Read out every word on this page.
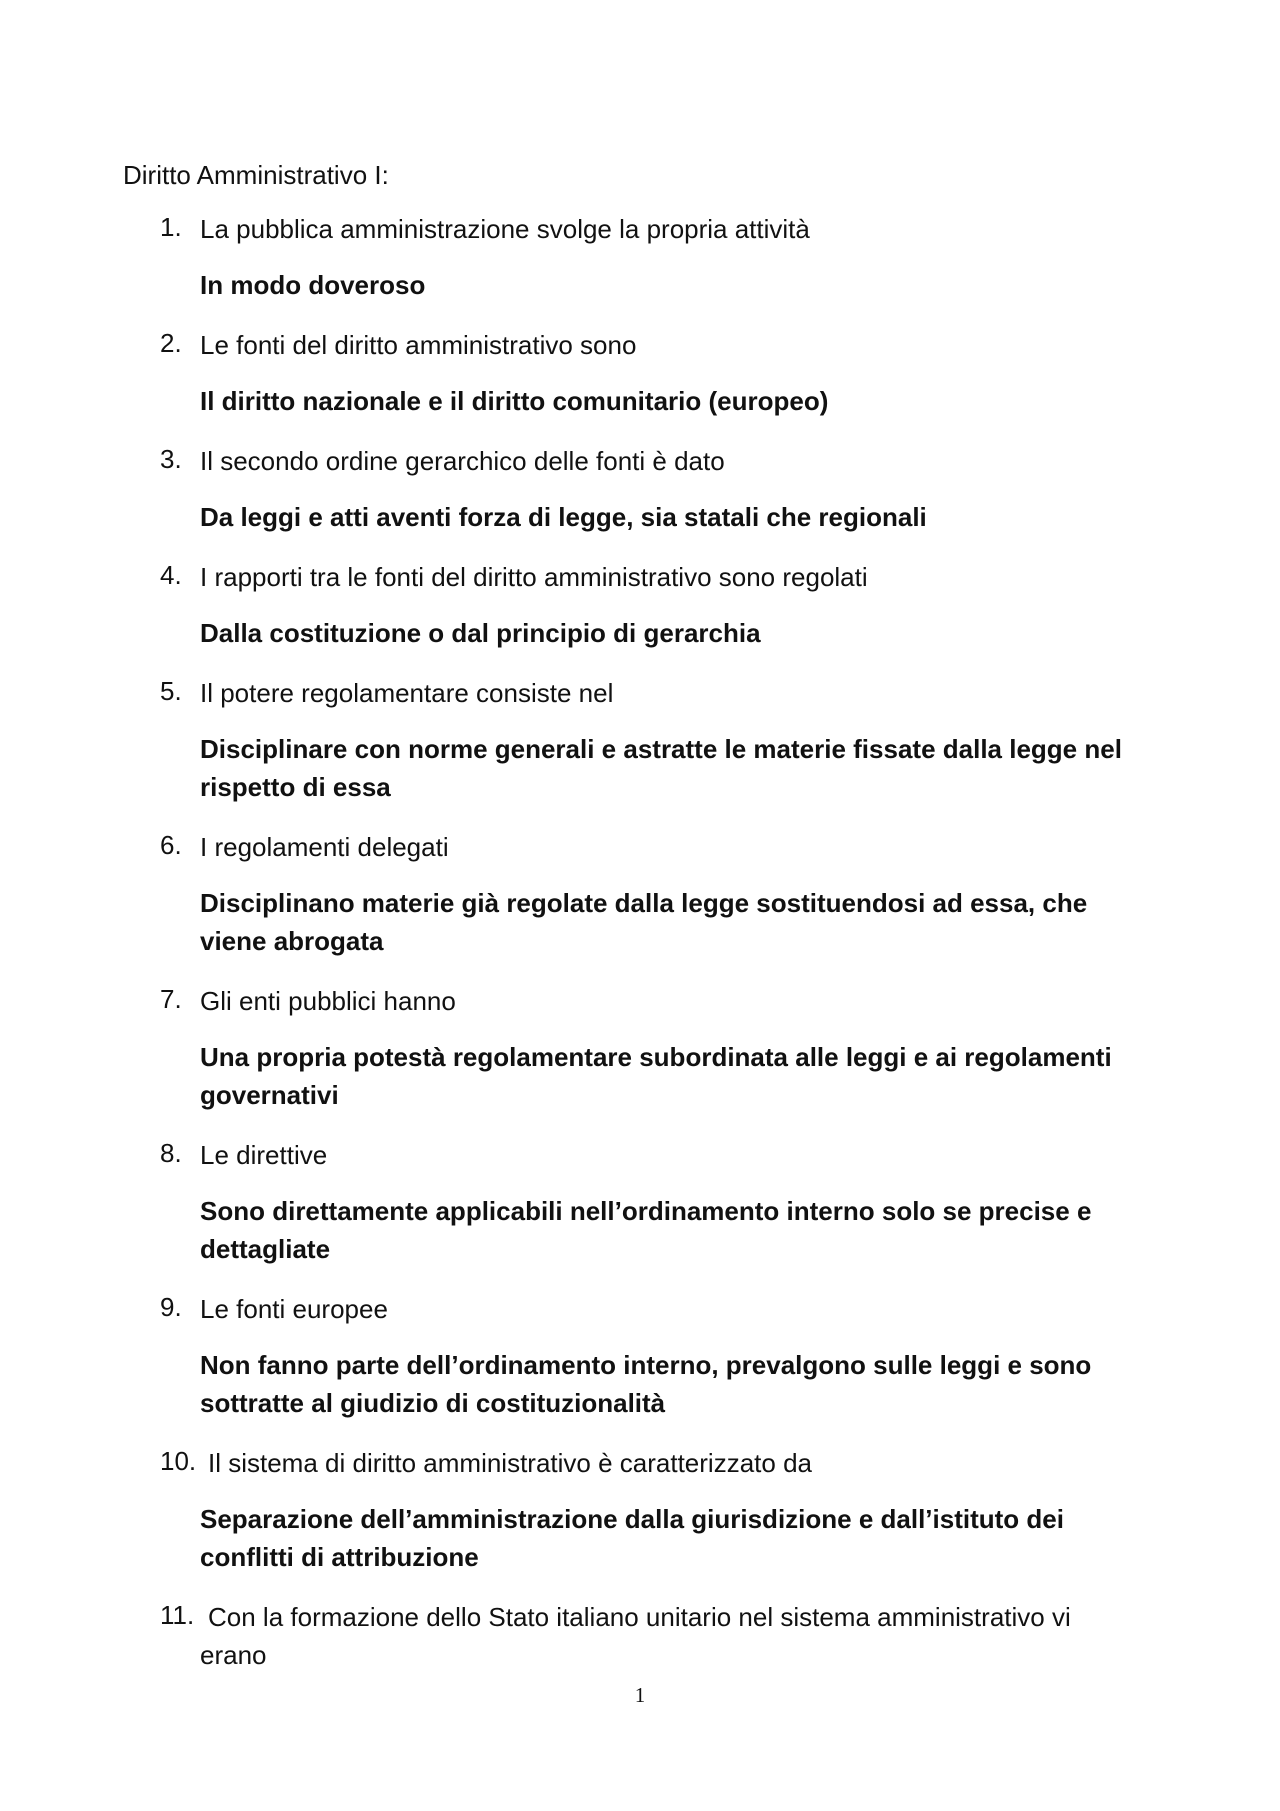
Diritto Amministrativo I:
1. La pubblica amministrazione svolge la propria attività

In modo doveroso

2. Le fonti del diritto amministrativo sono

Il diritto nazionale e il diritto comunitario (europeo)

3. Il secondo ordine gerarchico delle fonti è dato

Da leggi e atti aventi forza di legge, sia statali che regionali

4. I rapporti tra le fonti del diritto amministrativo sono regolati

Dalla costituzione o dal principio di gerarchia

5. Il potere regolamentare consiste nel

Disciplinare con norme generali e astratte le materie fissate dalla legge nel rispetto di essa

6. I regolamenti delegati

Disciplinano materie già regolate dalla legge sostituendosi ad essa, che viene abrogata

7. Gli enti pubblici hanno

Una propria potestà regolamentare subordinata alle leggi e ai regolamenti governativi

8. Le direttive

Sono direttamente applicabili nell’ordinamento interno solo se precise e dettagliate

9. Le fonti europee

Non fanno parte dell’ordinamento interno, prevalgono sulle leggi e sono sottratte al giudizio di costituzionalità

10. Il sistema di diritto amministrativo è caratterizzato da

Separazione dell’amministrazione dalla giurisdizione e dall’istituto dei conflitti di attribuzione

11. Con la formazione dello Stato italiano unitario nel sistema amministrativo vi erano

1
